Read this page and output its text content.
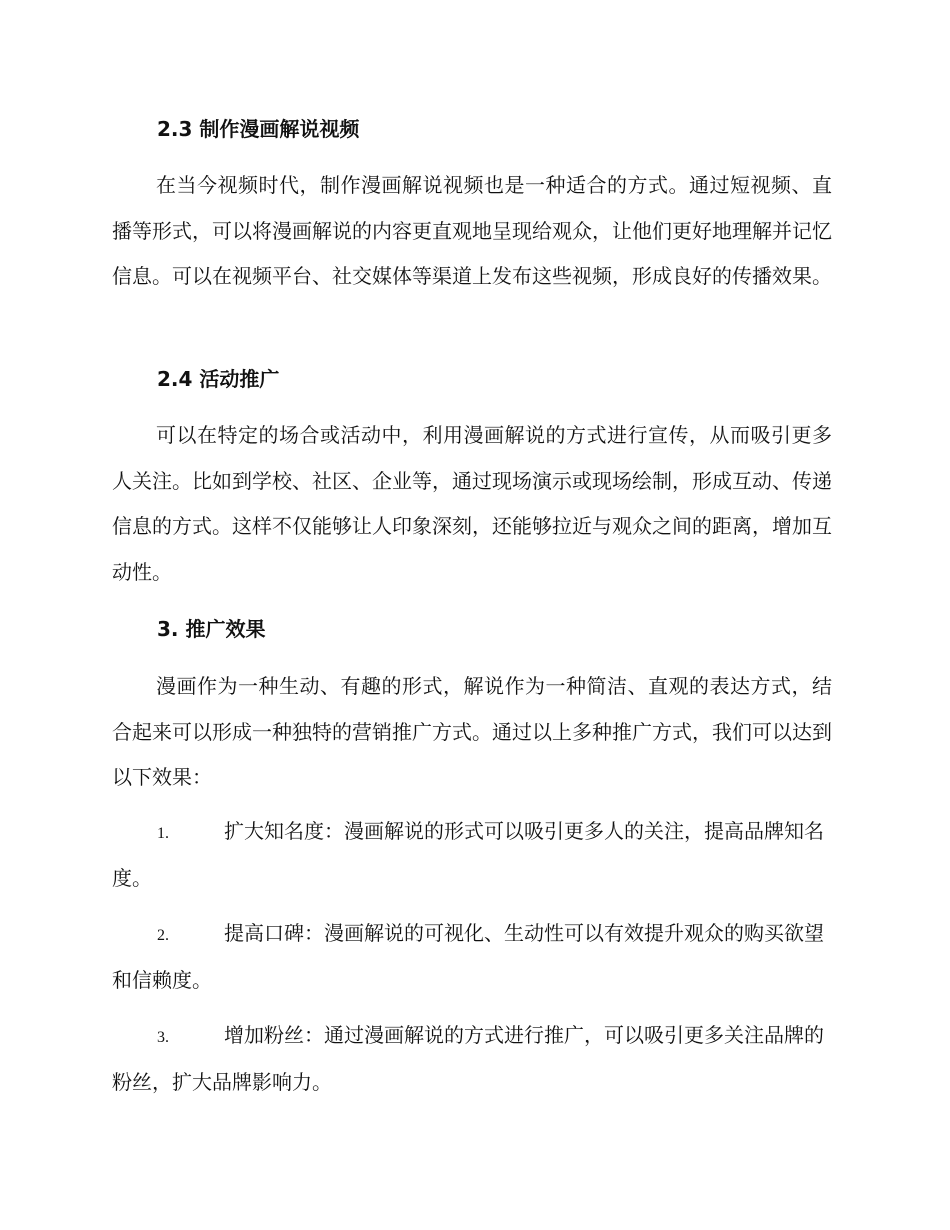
2.3 制作漫画解说视频
在当今视频时代，制作漫画解说视频也是一种适合的方式。通过短视频、直播等形式，可以将漫画解说的内容更直观地呈现给观众，让他们更好地理解并记忆信息。可以在视频平台、社交媒体等渠道上发布这些视频，形成良好的传播效果。
2.4 活动推广
可以在特定的场合或活动中，利用漫画解说的方式进行宣传，从而吸引更多人关注。比如到学校、社区、企业等，通过现场演示或现场绘制，形成互动、传递信息的方式。这样不仅能够让人印象深刻，还能够拉近与观众之间的距离，增加互动性。
3. 推广效果
漫画作为一种生动、有趣的形式，解说作为一种简洁、直观的表达方式，结合起来可以形成一种独特的营销推广方式。通过以上多种推广方式，我们可以达到以下效果：
1.	扩大知名度：漫画解说的形式可以吸引更多人的关注，提高品牌知名度。
2.	提高口碑：漫画解说的可视化、生动性可以有效提升观众的购买欲望和信赖度。
3.	增加粉丝：通过漫画解说的方式进行推广，可以吸引更多关注品牌的粉丝，扩大品牌影响力。
